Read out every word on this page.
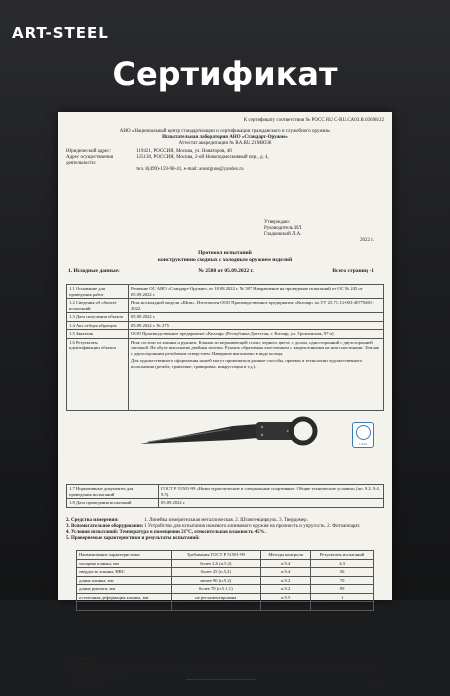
ART-STEEL
Сертификат
К сертификату соответствия № РОСС RU C-RU.CA03.B.03698/22
АНО «Национальный центр стандартизации и сертификации гражданского и служебного оружия»
Испытательная лаборатория АНО «Стандарт-Оружие»
Аттестат аккредитации № RA.RU.21МЮ38
Юридический адрес:	119421, РОССИЯ, Москва, ул. Новаторов, 40
Адрес осуществления деятельности:
125130, РОССИЯ, Москва, 2-ой Новоподмосковный пер., д. 4,
тел. 8(499)-159-98-41, e-mail: anostguns@yandex.ru
Утверждаю:
Руководитель ИЛ
Гладковский Л.А.
2022 г.
Протокол испытаний
конструктивно сходных с холодным оружием изделий
1. Исходные данные:	№ 2588 от 05.09.2022 г.	Всего страниц -1
1.1 Основание для проведения работ	Решение ОС АНО «Стандарт-Оружие» от 18.08.2022 г. № 587 Направление на проведение испытаний от ОС № 245 от 05.09.2022 г.
1.2 Сведения об объекте испытаний	Нож носкладной модели «Шип». Изготовлен ООО Производственное предприятие «Кизляр» по ТУ 25.71.13-003-40779401-2022.
1.3 Дата получения объекта	05.09.2022 г.
1.4 Акт отбора образцов	05.09.2022 г. № 275
1.5 Заказчик	ООО Производственное предприятие «Кизляр» (Республика Дагестан, г. Кизляр, ул. Грозненская, 97-а)
1.6 Результаты идентификации объекта	Нож состоит из клинка и рукояти. Клинок из нержавеющей стали, черного цвета, с долом, односторонний с двухсторонней заточкой. На обухе выполнена двойная заточка. Рукоять образована хвостовиком с закрепленными на нем пластинами. Темляк с двухсторонним резьбовым отверстием. Навершие выполнено в виде кольца.
Для художественного оформления ножей могут применяться разные способы, приемы и технологии художественного исполнения (резьба, травление, гравировка, инкрустация и т.д.).
CA03
1.7 Нормативные документы для проведения испытаний	ГОСТ Р 51501-99 «Ножи туристические и специальные спортивные. Общие технические условия» (пп. 9.2, 9.4, 9.5)
1.8 Дата проведения испытаний	05.09.2022 г.
2. Средства измерения:	1. Линейка измерительная металлическая. 2. Штангенциркуль. 3. Твердомер.
3. Вспомогательное оборудование: 1 Устройство для испытания ножевого клинкового оружия на прочность и упругость. 2. Фотоаппарат.
4. Условия испытаний: Температура в помещении 21°С, относительная влажность 45%.
5. Проверяемые характеристики и результаты испытаний:
Наименование характеристики	Требования ГОСТ Р 51501-99	Методы контроля	Результаты испытаний
толщина клинка, мм	более 2,6 (п.5.2)	п.9.4	4,3
твердость клинка, HRC	более 25 (п.5.2)	п.9.4	56
длина клинка, мм	менее 90 (п.5.2)	п.9.2	70
длина рукояти, мм	более 70 (п.5.1.1)	п.9.2	99
остаточная деформация клинка, мм	не регламентирована	п.9.5	1
конструкция изделия	длина клинка менее 90 мм (п.5.2)	п.9.2	соответствует
Заключение:
Представленный нож является конструктивно сходным с холодным клинковым оружием изделием - ножом специальным спортивным метательным. Результаты испытаний распространяются на нож модели «Шип», серийно выпускаемый ООО Производственное объединение «Кизляр» по ТУ 25.71.13-003-40779401-2022.
Испытания провел	Б.З.Сагдиев
подпись, фамилия
